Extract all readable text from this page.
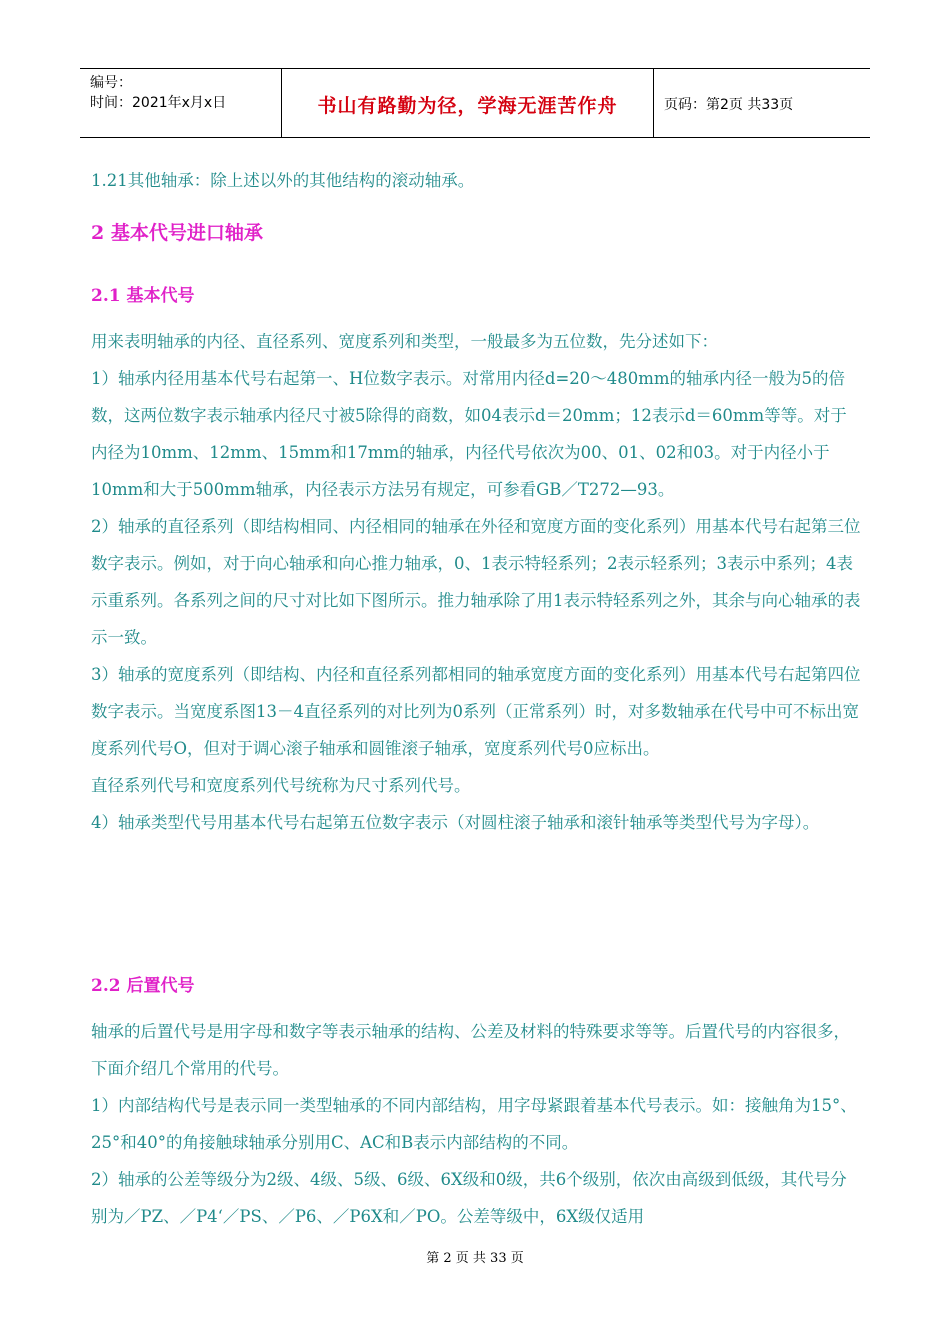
编号：
时间：2021年x月x日	书山有路勤为径，学海无涯苦作舟	页码：第2页 共33页

1.21其他轴承：除上述以外的其他结构的滚动轴承。

2 基本代号进口轴承
2.1 基本代号

用来表明轴承的内径、直径系列、宽度系列和类型，一般最多为五位数，先分述如下：

1）轴承内径用基本代号右起第一、H位数字表示。对常用内径d=20～480mm的轴承内径一般为5的倍数，这两位数字表示轴承内径尺寸被5除得的商数，如04表示d＝20mm；12表示d＝60mm等等。对于内径为10mm、12mm、15mm和17mm的轴承，内径代号依次为00、01、02和03。对于内径小于10mm和大于500mm轴承，内径表示方法另有规定，可参看GB／T272—93。

2）轴承的直径系列（即结构相同、内径相同的轴承在外径和宽度方面的变化系列）用基本代号右起第三位数字表示。例如，对于向心轴承和向心推力轴承，0、1表示特轻系列；2表示轻系列；3表示中系列；4表示重系列。各系列之间的尺寸对比如下图所示。推力轴承除了用1表示特轻系列之外，其余与向心轴承的表示一致。

3）轴承的宽度系列（即结构、内径和直径系列都相同的轴承宽度方面的变化系列）用基本代号右起第四位数字表示。当宽度系图13－4直径系列的对比列为0系列（正常系列）时，对多数轴承在代号中可不标出宽度系列代号O，但对于调心滚子轴承和圆锥滚子轴承，宽度系列代号0应标出。

直径系列代号和宽度系列代号统称为尺寸系列代号。

4）轴承类型代号用基本代号右起第五位数字表示（对圆柱滚子轴承和滚针轴承等类型代号为字母）。

2.2 后置代号

轴承的后置代号是用字母和数字等表示轴承的结构、公差及材料的特殊要求等等。后置代号的内容很多，下面介绍几个常用的代号。

1）内部结构代号是表示同一类型轴承的不同内部结构，用字母紧跟着基本代号表示。如：接触角为15°、25°和40°的角接触球轴承分别用C、AC和B表示内部结构的不同。

2）轴承的公差等级分为2级、4级、5级、6级、6X级和0级，共6个级别，依次由高级到低级，其代号分别为／PZ、／P4‘／PS、／P6、／P6X和／PO。公差等级中，6X级仅适用

第 2 页 共 33 页
